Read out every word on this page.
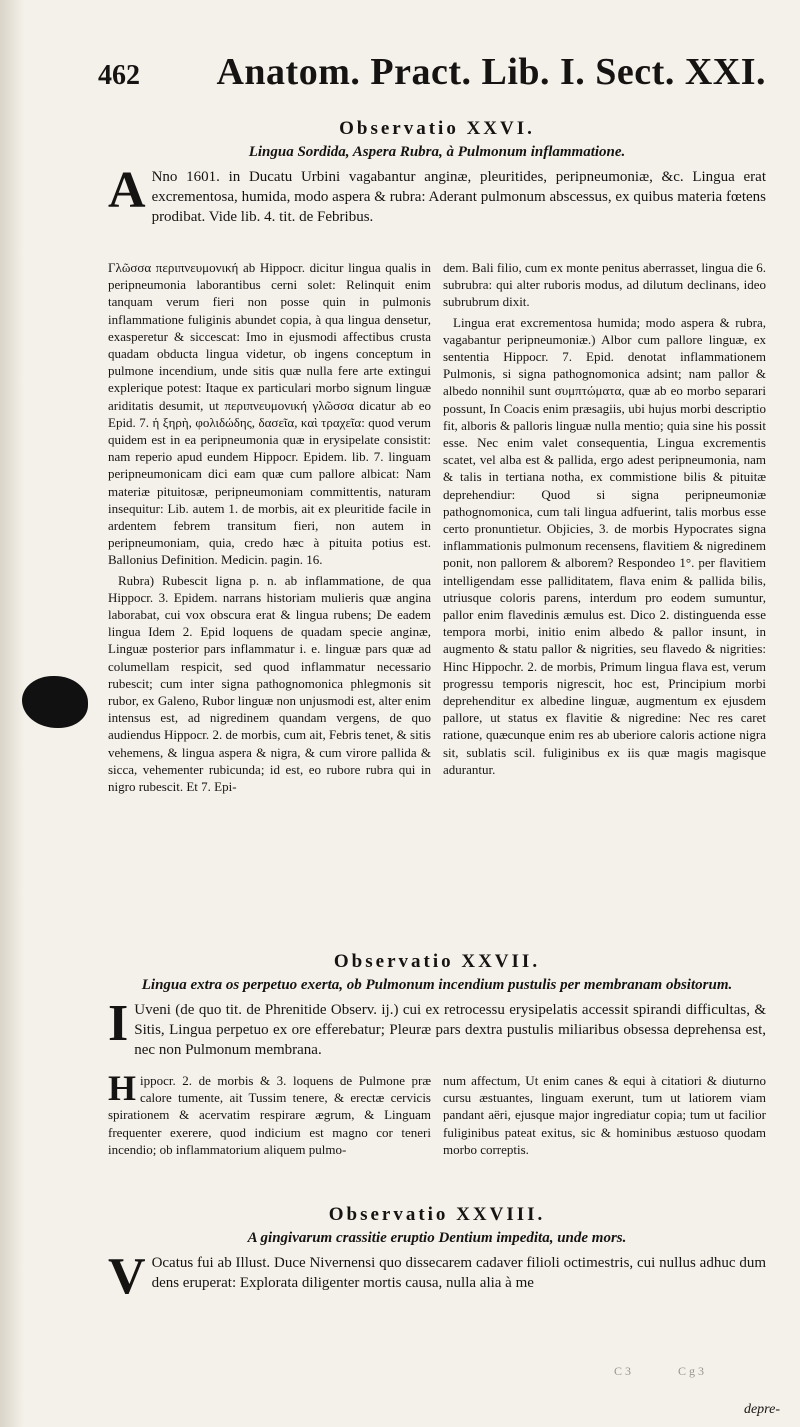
462	Anatom. Pract. Lib. I. Sect. XXI.
Observatio XXVI.
Lingua Sordida, Aspera Rubra, à Pulmonum inflammatione.
A Nno 1601. in Ducatu Urbini vagabantur anginæ, pleuritides, peripneumoniæ, &c. Lingua erat excrementosa, humida, modo aspera & rubra: Aderant pulmonum abscessus, ex quibus materia fœtens prodibat. Vide lib. 4. tit. de Febribus.

Γλῶσσα περιπνευμονική ab Hippocr. dicitur lingua qualis in peripneumonia laborantibus cerni solet: Relinquit enim tanquam verum fieri non posse quin in pulmonis inflammatione fuliginis abundet copia, à qua lingua densetur, exasperetur & siccescat: Imo in ejusmodi affectibus crusta quadam obducta lingua videtur, ob ingens conceptum in pulmone incendium, unde sitis quæ nulla fere arte extingui explerique potest: Itaque ex particulari morbo signum linguæ ariditatis desumit, ut περιπνευμονική γλῶσσα dicatur ab eo Epid. 7. ἡ ξηρὴ, φολιδώδης, δασεῖα, καὶ τραχεῖα: quod verum quidem est in ea peripneumonia quæ in erysipelate consistit: nam reperio apud eundem Hippocr. Epidem. lib. 7. linguam peripneumonicam dici eam quæ cum pallore albicat: Nam materiæ pituitosæ, peripneumoniam committentis, naturam insequitur: Lib. autem 1. de morbis, ait ex pleuritide facile in ardentem febrem transitum fieri, non autem in peripneumoniam, quia, credo hæc à pituita potius est. Ballonius Definition. Medicin. pagin. 16.

Rubra) Rubescit ligna p. n. ab inflammatione, de qua Hippocr. 3. Epidem. narrans historiam mulieris quæ angina laborabat, cui vox obscura erat & lingua rubens; De eadem lingua Idem 2. Epid loquens de quadam specie anginæ, Linguæ posterior pars inflammatur i. e. linguæ pars quæ ad columellam respicit, sed quod inflammatur necessario rubescit; cum inter signa pathognomonica phlegmonis sit rubor, ex Galeno, Rubor linguæ non unjusmodi est, alter enim intensus est, ad nigredinem quandam vergens, de quo audiendus Hippocr. 2. de morbis, cum ait, Febris tenet, & sitis vehemens, & lingua aspera & nigra, & cum virore pallida & sicca, vehementer rubicunda; id est, eo rubore rubra qui in nigro rubescit. Et 7. Epi-

dem. Bali filio, cum ex monte penitus aberrasset, lingua die 6. subrubra: qui alter ruboris modus, ad dilutum declinans, ideo subrubrum dixit.

Lingua erat excrementosa humida; modo aspera & rubra, vagabantur peripneumoniæ.) Albor cum pallore linguæ, ex sententia Hippocr. 7. Epid. denotat inflammationem Pulmonis, si signa pathognomonica adsint; nam pallor & albedo nonnihil sunt συμπτώματα, quæ ab eo morbo separari possunt, In Coacis enim præsagiis, ubi hujus morbi descriptio fit, alboris & palloris linguæ nulla mentio; quia sine his possit esse. Nec enim valet consequentia, Lingua excrementis scatet, vel alba est & pallida, ergo adest peripneumonia, nam & talis in tertiana notha, ex commistione bilis & pituitæ deprehendiur: Quod si signa peripneumoniæ pathognomonica, cum tali lingua adfuerint, talis morbus esse certo pronuntietur. Objicies, 3. de morbis Hypocrates signa inflammationis pulmonum recensens, flavitiem & nigredinem ponit, non pallorem & alborem? Respondeo 1°. per flavitiem intelligendam esse palliditatem, flava enim & pallida bilis, utriusque coloris parens, interdum pro eodem sumuntur, pallor enim flavedinis æmulus est. Dico 2. distinguenda esse tempora morbi, initio enim albedo & pallor insunt, in augmento & statu pallor & nigrities, seu flavedo & nigrities: Hinc Hippochr. 2. de morbis, Primum lingua flava est, verum progressu temporis nigrescit, hoc est, Principium morbi deprehenditur ex albedine linguæ, augmentum ex ejusdem pallore, ut status ex flavitie & nigredine: Nec res caret ratione, quæcunque enim res ab uberiore caloris actione nigra sit, sublatis scil. fuliginibus ex iis quæ magis magisque adurantur.

Observatio XXVII.
Lingua extra os perpetuo exerta, ob Pulmonum incendium pustulis per membranam obsitorum.
I Uveni (de quo tit. de Phrenitide Observ. ij.) cui ex retrocessu erysipelatis accessit spirandi difficultas, & Sitis, Lingua perpetuo ex ore efferebatur; Pleuræ pars dextra pustulis miliaribus obsessa deprehensa est, nec non Pulmonum membrana.

Hippocr. 2. de morbis & 3. loquens de Pulmone præ calore tumente, ait Tussim tenere, & erectæ cervicis spirationem & acervatim respirare ægrum, & Linguam frequenter exerere, quod indicium est magno cor teneri incendio; ob inflammatorium aliquem pulmo-

num affectum, Ut enim canes & equi à citatiori & diuturno cursu æstuantes, linguam exerunt, tum ut latiorem viam pandant aëri, ejusque major ingrediatur copia; tum ut facilior fuliginibus pateat exitus, sic & hominibus æstuoso quodam morbo correptis.

Observatio XXVIII.
A gingivarum crassitie eruptio Dentium impedita, unde mors.
V Ocatus fui ab Illust. Duce Nivernensi quo dissecarem cadaver filioli octimestris, cui nullus adhuc dum dens eruperat: Explorata diligenter mortis causa, nulla alia à me
C 3	C g 3
depre-
